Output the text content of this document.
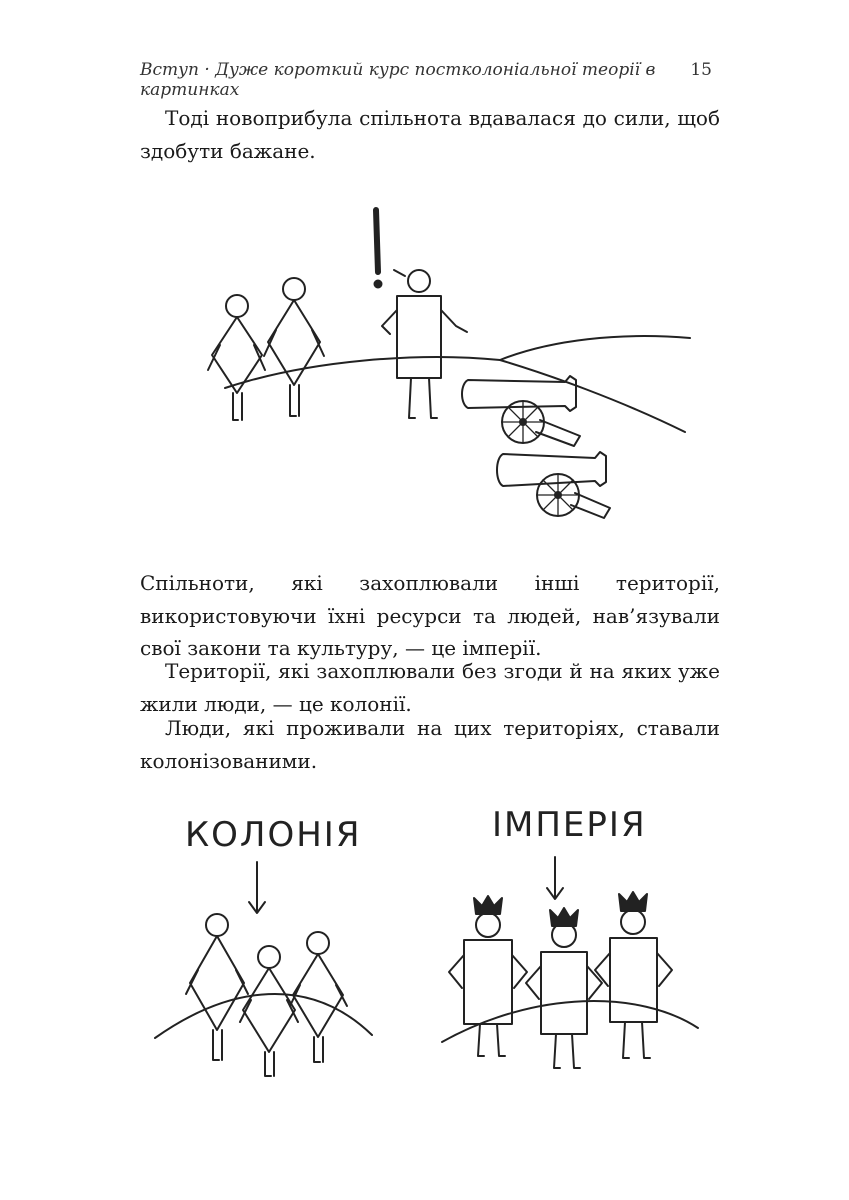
Вступ · Дуже короткий курс постколоніальної теорії в картинках
15

Тоді новоприбула спільнота вдавалася до сили, щоб здобути бажане.

Спільноти, які захоплювали інші території, використовуючи їхні ресурси та людей, нав’язували свої закони та культуру, — це імперії.

Території, які захоплювали без згоди й на яких уже жили люди, — це колонії.

Люди, які проживали на цих територіях, ставали колонізованими.

КОЛОНІЯ	ІМПЕРІЯ
